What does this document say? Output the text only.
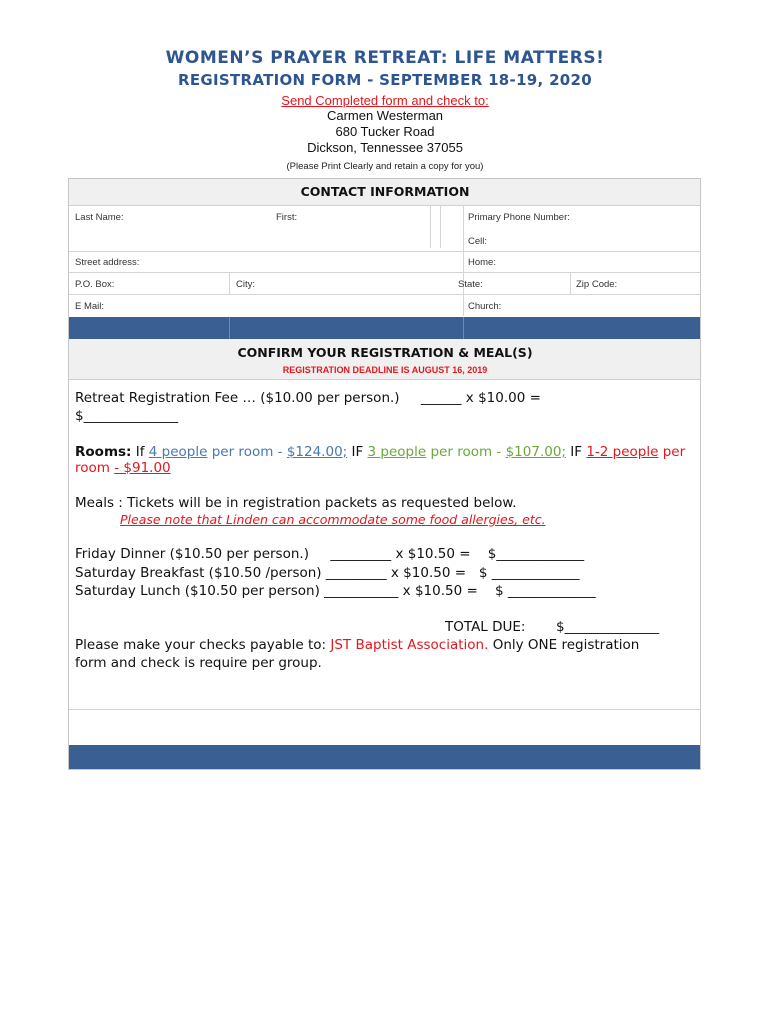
WOMEN’S PRAYER RETREAT: LIFE MATTERS!
REGISTRATION FORM - SEPTEMBER 18-19, 2020
Send Completed form and check to:
Carmen Westerman
680 Tucker Road
Dickson, Tennessee 37055
(Please Print Clearly and retain a copy for you)
CONTACT INFORMATION
Last Name:	First:	Primary Phone Number:
Cell:
Street address:	Home:
P.O. Box:	City:	State:	Zip Code:
E Mail:	Church:
CONFIRM YOUR REGISTRATION & MEAL(S)
REGISTRATION DEADLINE IS AUGUST 16, 2019
Retreat Registration Fee … ($10.00 per person.)     ______ x $10.00 =
$______________
Rooms: If 4 people per room - $124.00; IF 3 people per room - $107.00; IF 1-2 people per
room - $91.00
Meals : Tickets will be in registration packets as requested below.
Please note that Linden can accommodate some food allergies, etc.
Friday Dinner ($10.50 per person.)     _________ x $10.50 =    $_____________
Saturday Breakfast ($10.50 /person) _________ x $10.50 =   $ _____________
Saturday Lunch ($10.50 per person) ___________ x $10.50 =    $ _____________
TOTAL DUE: $______________
Please make your checks payable to: JST Baptist Association. Only ONE registration
form and check is require per group.
